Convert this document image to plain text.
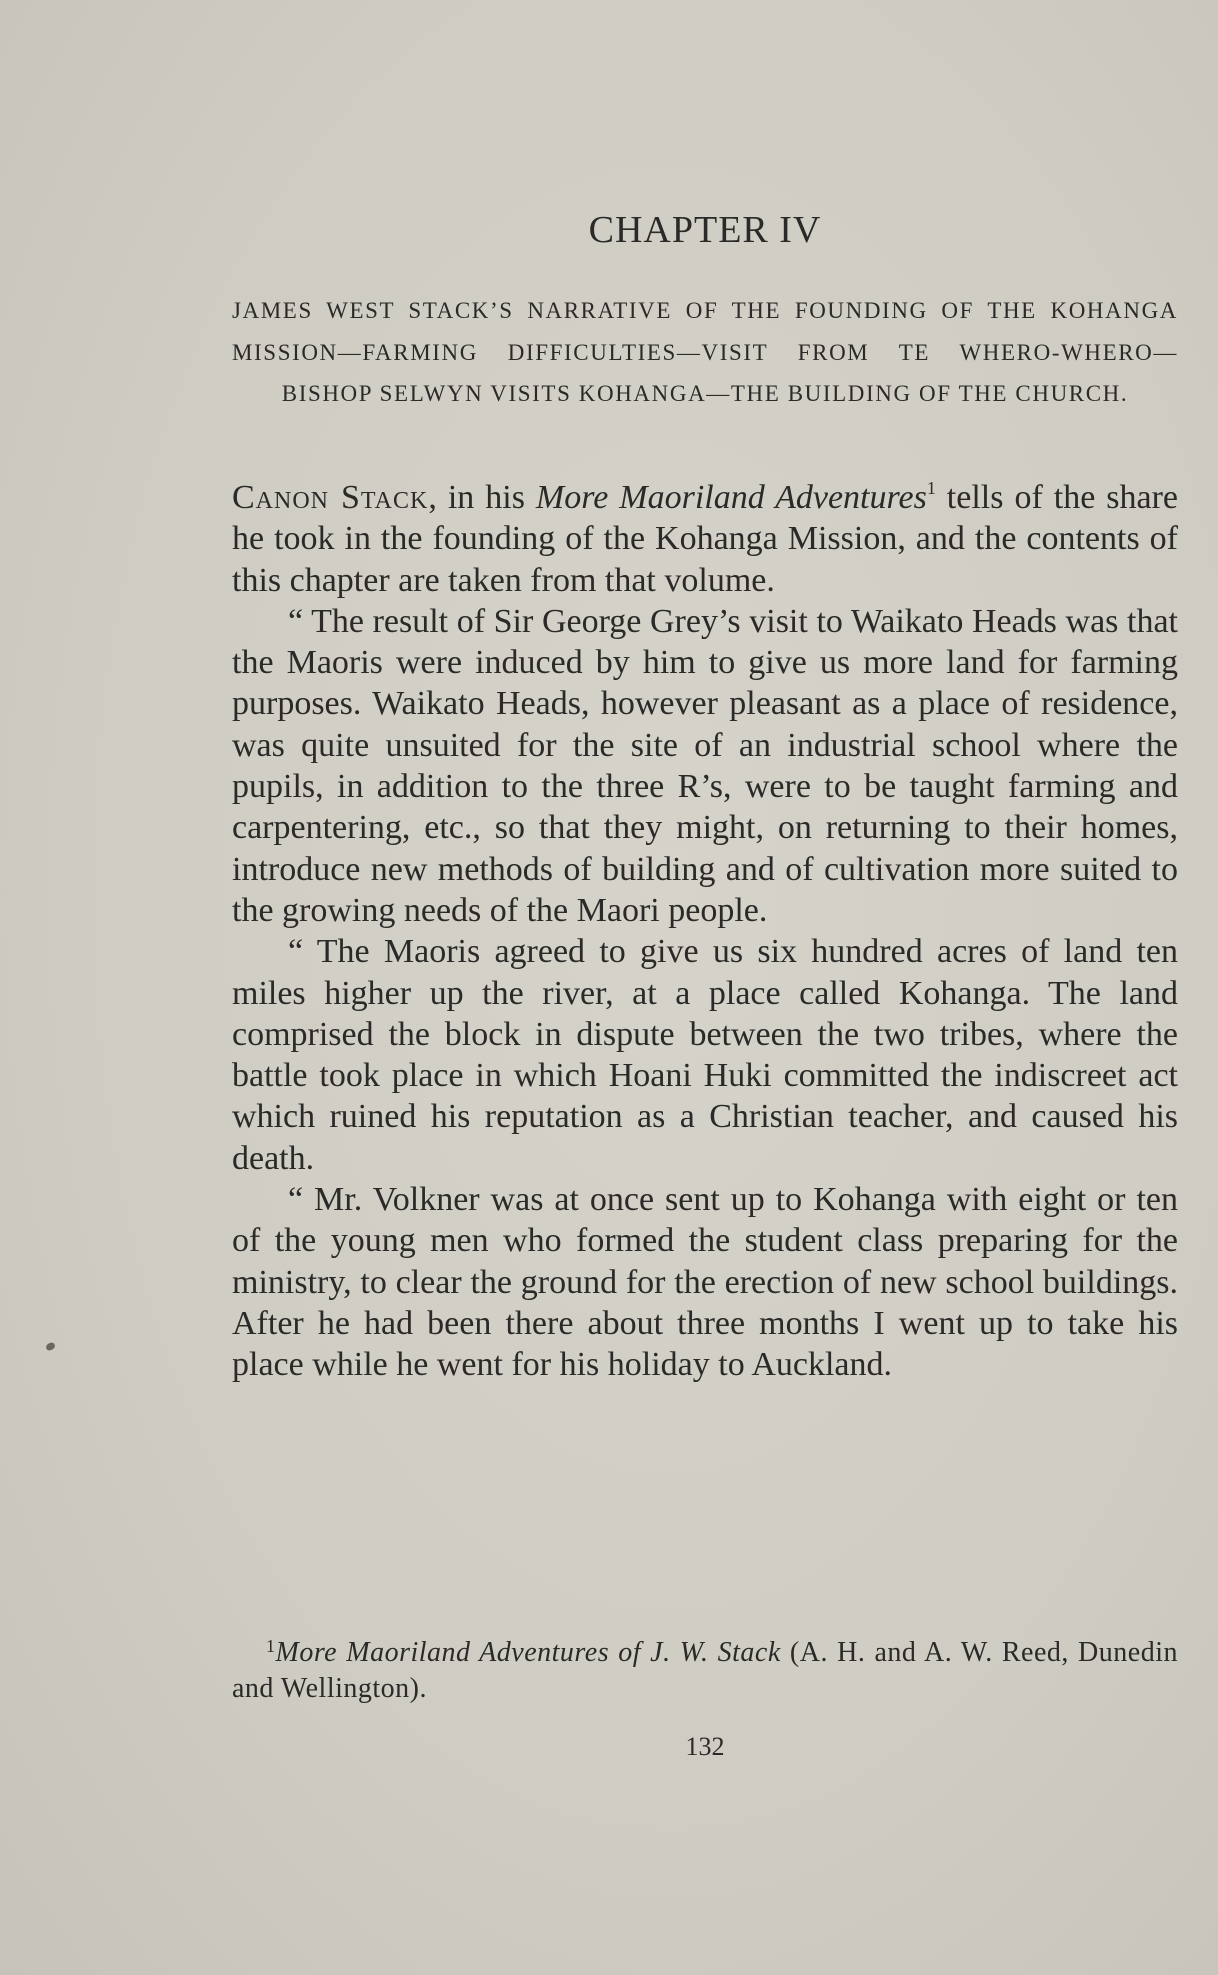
CHAPTER IV
JAMES WEST STACK’S NARRATIVE OF THE FOUNDING OF THE KOHANGA MISSION—FARMING DIFFICULTIES—VISIT FROM TE WHERO-WHERO—BISHOP SELWYN VISITS KOHANGA—THE BUILDING OF THE CHURCH.

Canon Stack, in his More Maoriland Adventures$^1$ tells of the share he took in the founding of the Kohanga Mission, and the contents of this chapter are taken from that volume.

“ The result of Sir George Grey’s visit to Waikato Heads was that the Maoris were induced by him to give us more land for farming purposes. Waikato Heads, however pleasant as a place of residence, was quite unsuited for the site of an industrial school where the pupils, in addition to the three R’s, were to be taught farming and carpentering, etc., so that they might, on returning to their homes, introduce new methods of building and of cultivation more suited to the growing needs of the Maori people.

“ The Maoris agreed to give us six hundred acres of land ten miles higher up the river, at a place called Kohanga. The land comprised the block in dispute between the two tribes, where the battle took place in which Hoani Huki committed the indiscreet act which ruined his reputation as a Christian teacher, and caused his death.

“ Mr. Volkner was at once sent up to Kohanga with eight or ten of the young men who formed the student class preparing for the ministry, to clear the ground for the erection of new school buildings. After he had been there about three months I went up to take his place while he went for his holiday to Auckland.

$^1$More Maoriland Adventures of J. W. Stack (A. H. and A. W. Reed, Dunedin and Wellington).
132
